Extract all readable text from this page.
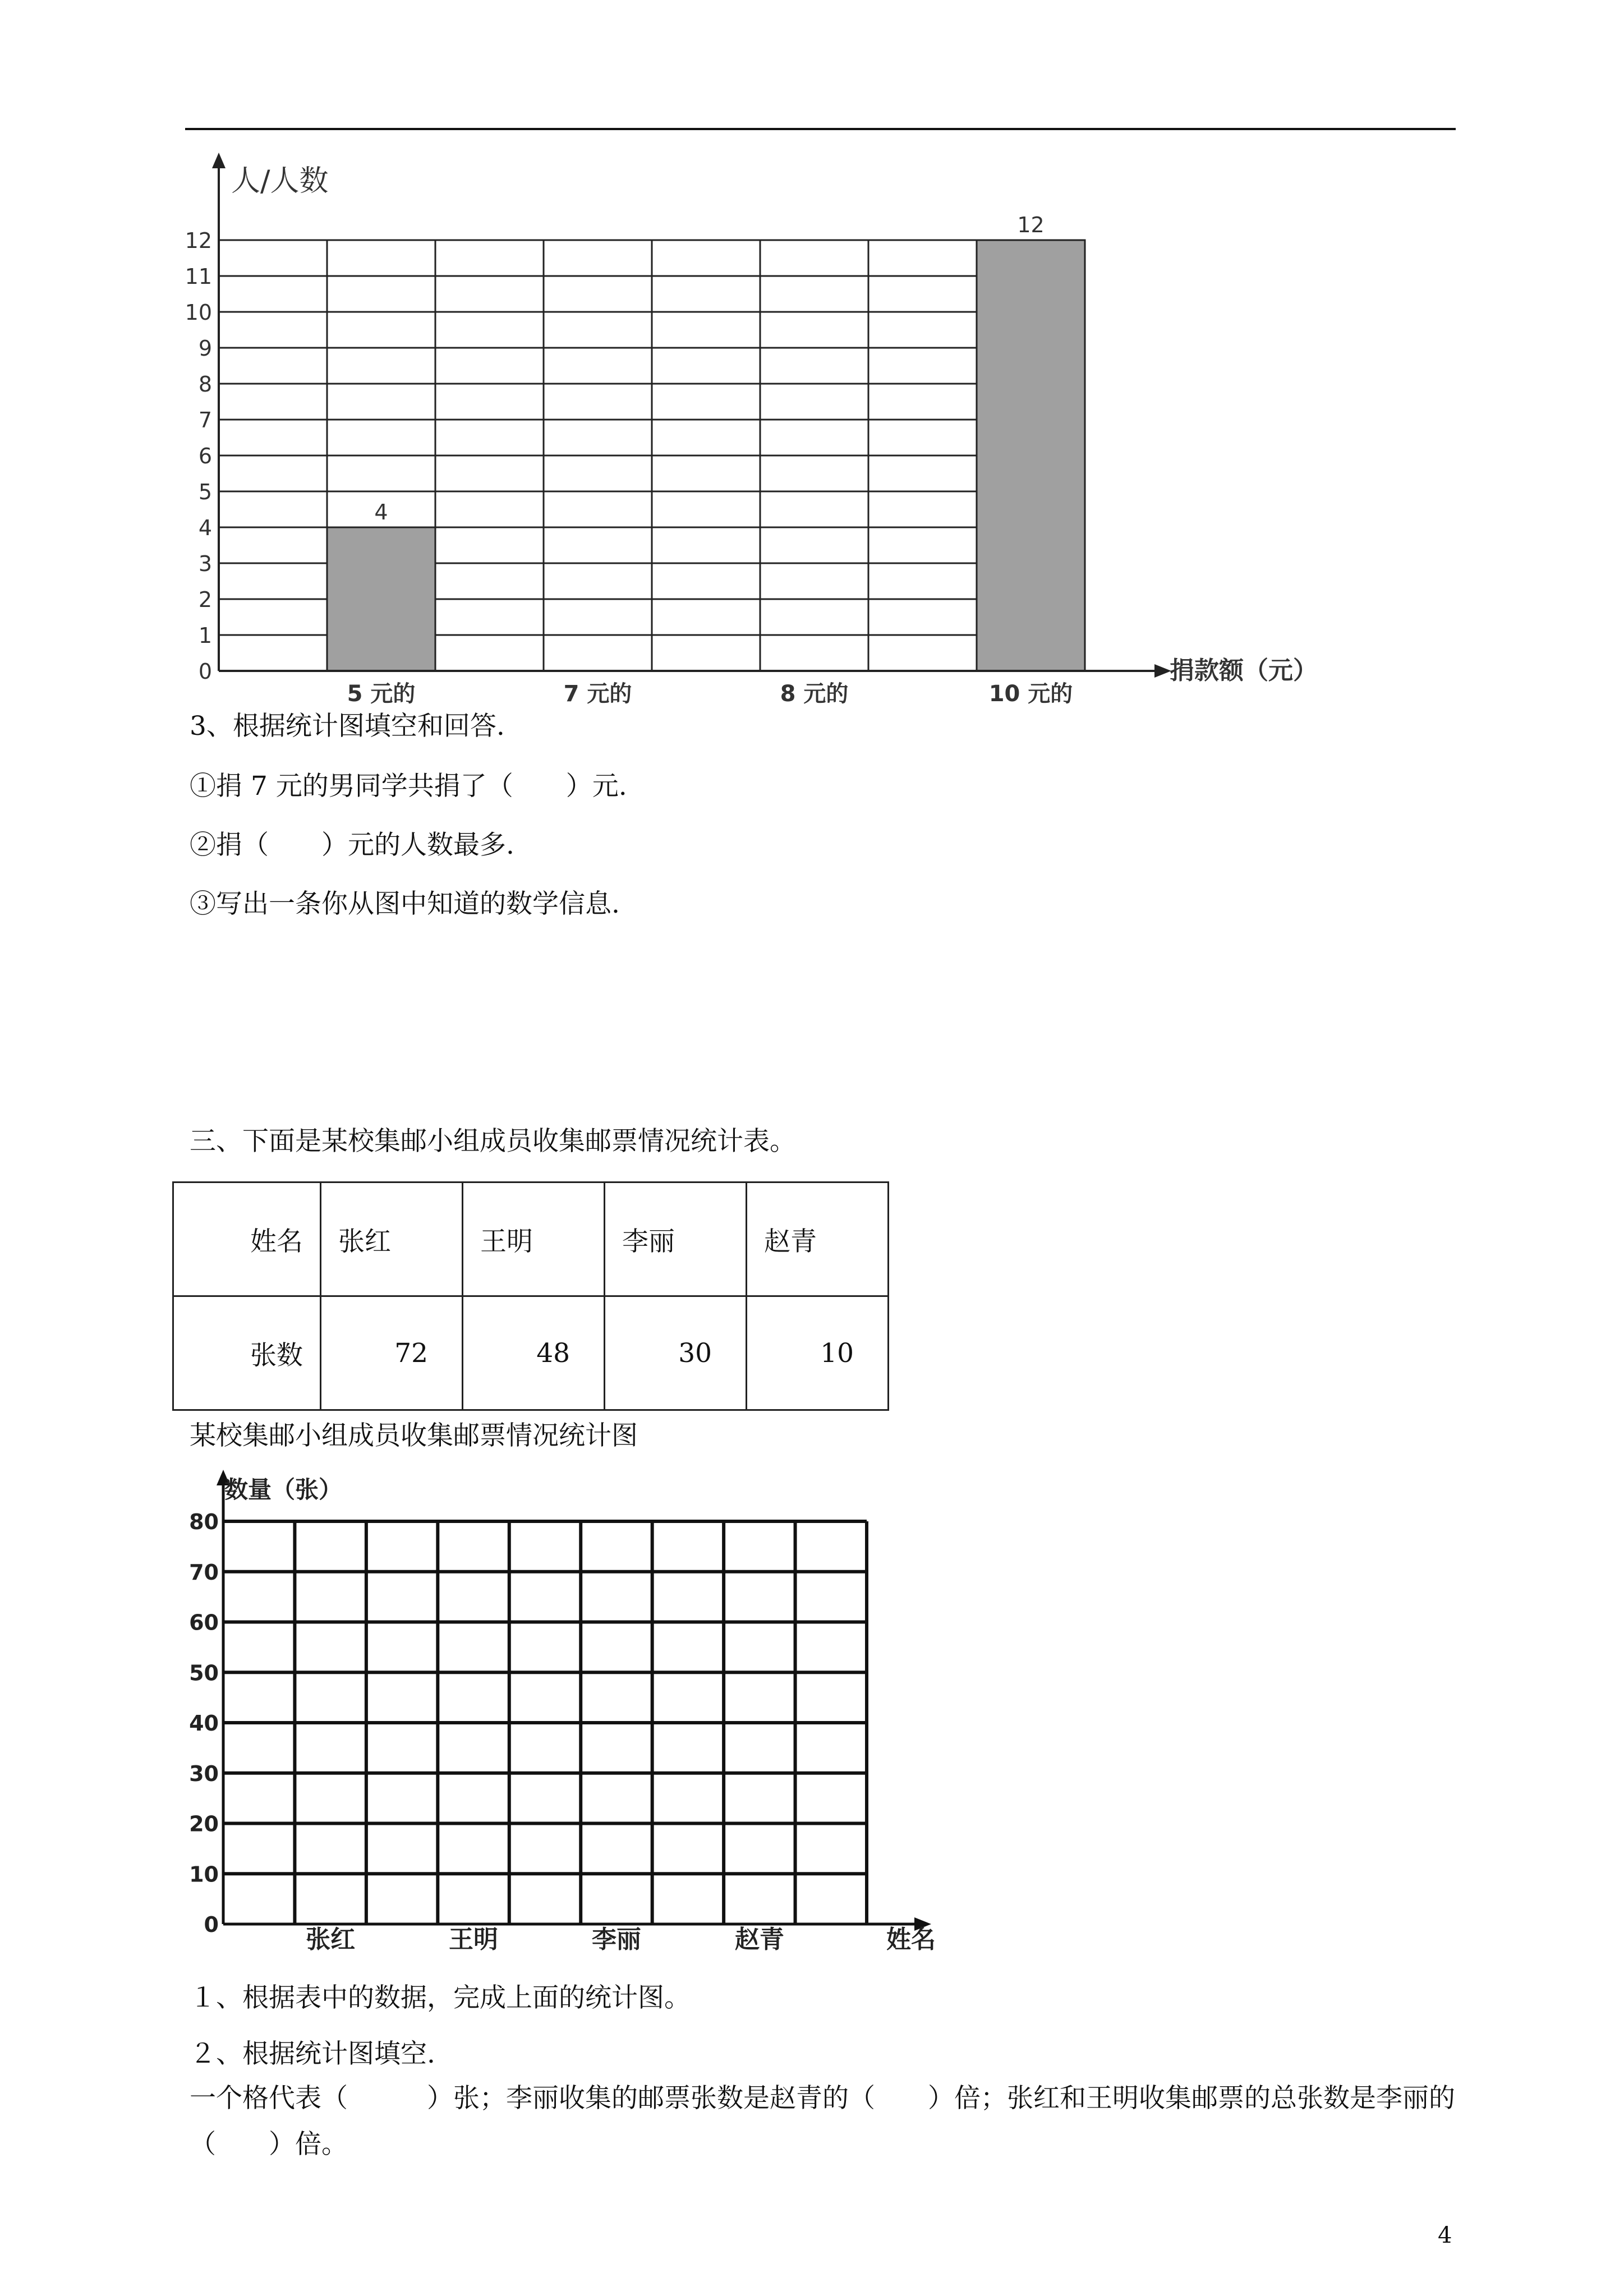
4
12
0
1
2
3
4
5
6
7
8
9
10
11
12
5 元的	7 元的	8 元的	10 元的
人/人数
捐款额（元）
3、根据统计图填空和回答.
①捐 7 元的男同学共捐了（　　）元.
②捐（　　）元的人数最多.
③写出一条你从图中知道的数学信息.
三、下面是某校集邮小组成员收集邮票情况统计表。
姓名	张红	王明	李丽	赵青
张数	72	48	30	10
某校集邮小组成员收集邮票情况统计图
0
10
20
30
40
50
60
70
80
张红	王明	李丽	赵青
数量（张）
姓名
１、根据表中的数据，完成上面的统计图。
２、根据统计图填空.
一个格代表（　　　）张；李丽收集的邮票张数是赵青的（　　）倍；张红和王明收集邮票的总张数是李丽的（　　）倍。
4
